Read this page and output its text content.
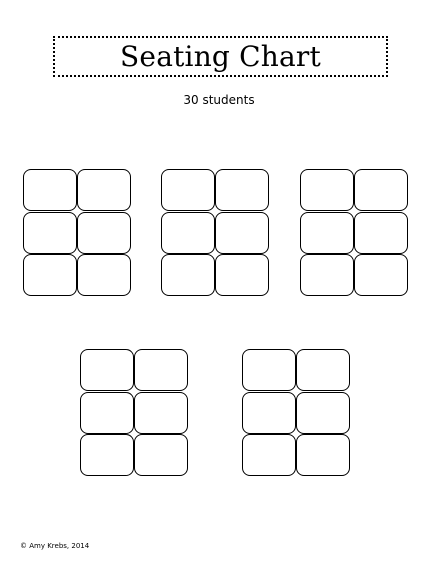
Seating Chart
30 students
© Amy Krebs, 2014
